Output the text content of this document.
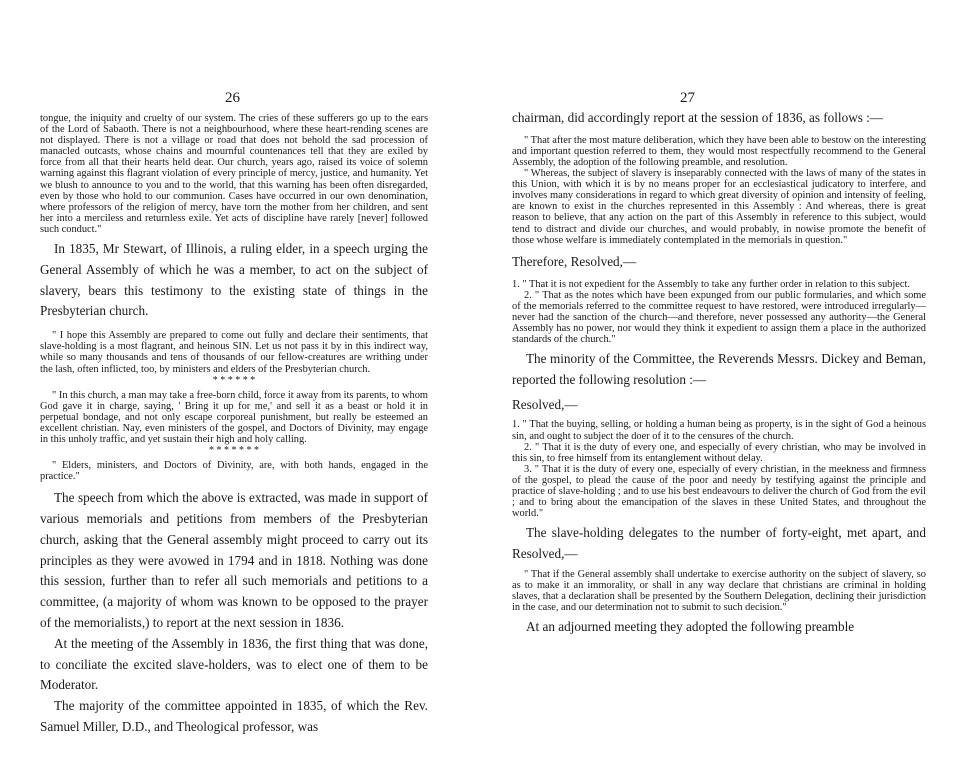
26

tongue, the iniquity and cruelty of our system. The cries of these sufferers go up to the ears of the Lord of Sabaoth. There is not a neighbourhood, where these heart-rending scenes are not displayed. There is not a village or road that does not behold the sad procession of manacled outcasts, whose chains and mournful countenances tell that they are exiled by force from all that their hearts held dear. Our church, years ago, raised its voice of solemn warning against this flagrant violation of every principle of mercy, justice, and humanity. Yet we blush to announce to you and to the world, that this warning has been often disregarded, even by those who hold to our communion. Cases have occurred in our own denomination, where professors of the religion of mercy, have torn the mother from her children, and sent her into a merciless and returnless exile. Yet acts of discipline have rarely [never] followed such conduct."

In 1835, Mr Stewart, of Illinois, a ruling elder, in a speech urging the General Assembly of which he was a member, to act on the subject of slavery, bears this testimony to the existing state of things in the Presbyterian church.

" I hope this Assembly are prepared to come out fully and declare their sentiments, that slave-holding is a most flagrant, and heinous SIN. Let us not pass it by in this indirect way, while so many thousands and tens of thousands of our fellow-creatures are writhing under the lash, often inflicted, too, by ministers and elders of the Presbyterian church.

* * * * * *

" In this church, a man may take a free-born child, force it away from its parents, to whom God gave it in charge, saying, ' Bring it up for me,' and sell it as a beast or hold it in perpetual bondage, and not only escape corporeal punishment, but really be esteemed an excellent christian. Nay, even ministers of the gospel, and Doctors of Divinity, may engage in this unholy traffic, and yet sustain their high and holy calling.

* * * * * * *

" Elders, ministers, and Doctors of Divinity, are, with both hands, engaged in the practice."

The speech from which the above is extracted, was made in support of various memorials and petitions from members of the Presbyterian church, asking that the General assembly might proceed to carry out its principles as they were avowed in 1794 and in 1818. Nothing was done this session, further than to refer all such memorials and petitions to a committee, (a majority of whom was known to be opposed to the prayer of the memorialists,) to report at the next session in 1836.

At the meeting of the Assembly in 1836, the first thing that was done, to conciliate the excited slave-holders, was to elect one of them to be Moderator.

The majority of the committee appointed in 1835, of which the Rev. Samuel Miller, D.D., and Theological professor, was

27

chairman, did accordingly report at the session of 1836, as follows :—

" That after the most mature deliberation, which they have been able to bestow on the interesting and important question referred to them, they would most respectfully recommend to the General Assembly, the adoption of the following preamble, and resolution.

" Whereas, the subject of slavery is inseparably connected with the laws of many of the states in this Union, with which it is by no means proper for an ecclesiastical judicatory to interfere, and involves many considerations in regard to which great diversity of opinion and intensity of feeling, are known to exist in the churches represented in this Assembly : And whereas, there is great reason to believe, that any action on the part of this Assembly in reference to this subject, would tend to distract and divide our churches, and would probably, in nowise promote the benefit of those whose welfare is immediately contemplated in the memorials in question."

Therefore, Resolved,—

1. " That it is not expedient for the Assembly to take any further order in relation to this subject.

2. " That as the notes which have been expunged from our public formularies, and which some of the memorials referred to the committee request to have restored, were introduced irregularly—never had the sanction of the church—and therefore, never possessed any authority—the General Assembly has no power, nor would they think it expedient to assign them a place in the authorized standards of the church."

The minority of the Committee, the Reverends Messrs. Dickey and Beman, reported the following resolution :—

Resolved,—

1. " That the buying, selling, or holding a human being as property, is in the sight of God a heinous sin, and ought to subject the doer of it to the censures of the church.

2. " That it is the duty of every one, and especially of every christian, who may be involved in this sin, to free himself from its entanglement without delay.

3. " That it is the duty of every one, especially of every christian, in the meekness and firmness of the gospel, to plead the cause of the poor and needy by testifying against the principle and practice of slave-holding ; and to use his best endeavours to deliver the church of God from the evil ; and to bring about the emancipation of the slaves in these United States, and throughout the world."

The slave-holding delegates to the number of forty-eight, met apart, and Resolved,—

" That if the General assembly shall undertake to exercise authority on the subject of slavery, so as to make it an immorality, or shall in any way declare that christians are criminal in holding slaves, that a declaration shall be presented by the Southern Delegation, declining their jurisdiction in the case, and our determination not to submit to such decision."

At an adjourned meeting they adopted the following preamble
